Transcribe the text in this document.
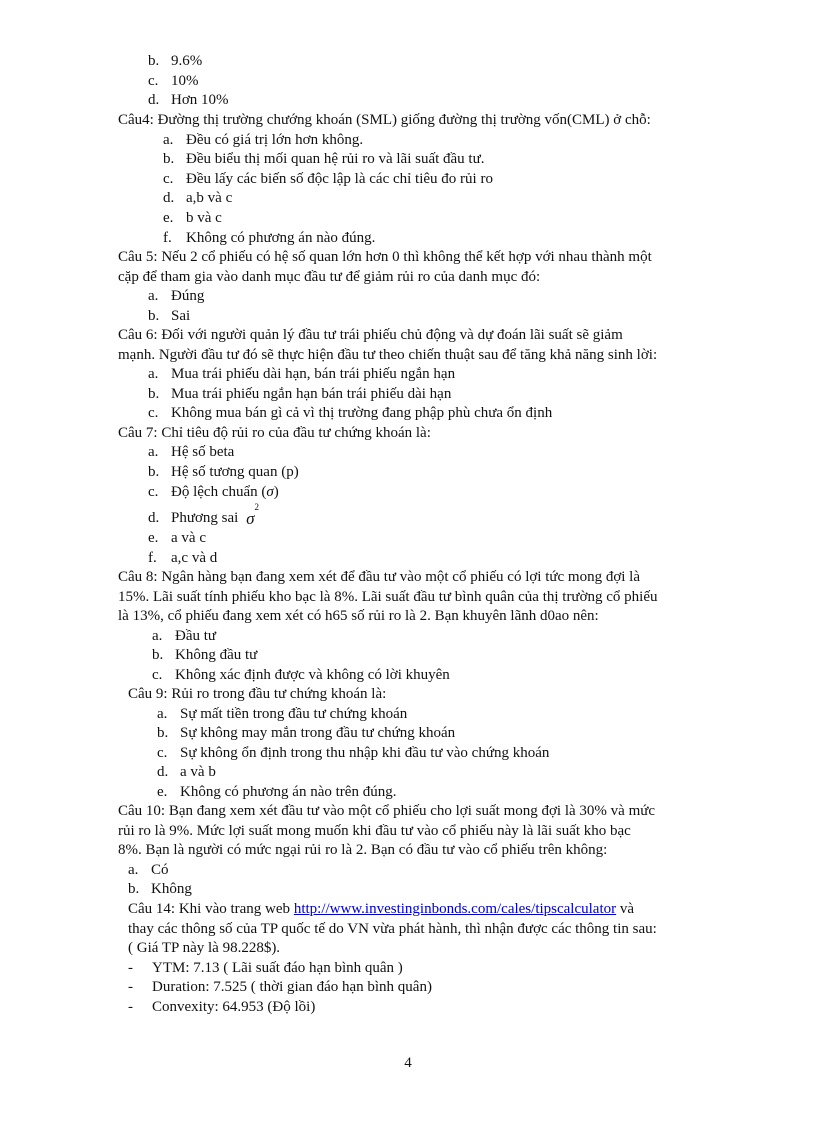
b. 9.6%
c. 10%
d. Hơn 10%
Câu4: Đường thị trường chướng khoán (SML) giống đường thị trường vốn(CML) ở chỗ:
a. Đều có giá trị lớn hơn không.
b. Đều biểu thị mối quan hệ rủi ro và lãi suất đầu tư.
c. Đều lấy các biến số độc lập là các chỉ tiêu đo rủi ro
d. a,b và c
e. b và c
f. Không có phương án nào đúng.
Câu 5: Nếu 2 cổ phiếu có hệ số quan lớn hơn 0 thì không thể kết hợp với nhau thành một
cặp để tham gia vào danh mục đầu tư để giảm rủi ro của danh mục đó:
a. Đúng
b. Sai
Câu 6: Đối với người quản lý đầu tư trái phiếu chủ động và dự đoán lãi suất sẽ giảm
mạnh. Người đầu tư đó sẽ thực hiện đầu tư theo chiến thuật sau để tăng khả năng sinh lời:
a. Mua trái phiếu dài hạn, bán trái phiếu ngắn hạn
b. Mua trái phiếu ngắn hạn bán trái phiếu dài hạn
c. Không mua bán gì cả vì thị trường đang phập phù chưa ổn định
Câu 7: Chỉ tiêu độ rủi ro của đầu tư chứng khoán là:
a. Hệ số beta
b. Hệ số tương quan (p)
c. Độ lệch chuẩn ( σ )
d. Phương sai σ
$^2$
e. a và c
f. a,c và d
Câu 8: Ngân hàng bạn đang xem xét để đầu tư vào một cổ phiếu có lợi tức mong đợi là
15%. Lãi suất tính phiếu kho bạc là 8%. Lãi suất đầu tư bình quân của thị trường cổ phiếu
là 13%, cổ phiếu đang xem xét có h65 số rủi ro là 2. Bạn khuyên lãnh d0ao nên:
a. Đầu tư
b. Không đầu tư
c. Không xác định được và không có lời khuyên
Câu 9: Rủi ro trong đầu tư chứng khoán là:
a. Sự mất tiền trong đầu tư chứng khoán
b. Sự không may mắn trong đầu tư chứng khoán
c. Sự không ổn định trong thu nhập khi đầu tư vào chứng khoán
d. a và b
e. Không có phương án nào trên đúng.
Câu 10: Bạn đang xem xét đầu tư vào một cổ phiếu cho lợi suất mong đợi là 30% và mức
rủi ro là 9%. Mức lợi suất mong muốn khi đầu tư vào cổ phiếu này là lãi suất kho bạc
8%. Bạn là người có mức ngại rủi ro là 2. Bạn có đầu tư vào cổ phiếu trên không:
a. Có
b. Không
Câu 14: Khi vào trang web http://www.investinginbonds.com/cales/tipscalculator và
thay các thông số của TP quốc tế do VN vừa phát hành, thì nhận được các thông tin sau:
( Giá TP này là 98.228$).
-	YTM: 7.13 ( Lãi suất đáo hạn bình quân )
-	Duration: 7.525 ( thời gian đáo hạn bình quân)
-	Convexity: 64.953 (Độ lồi)
4
